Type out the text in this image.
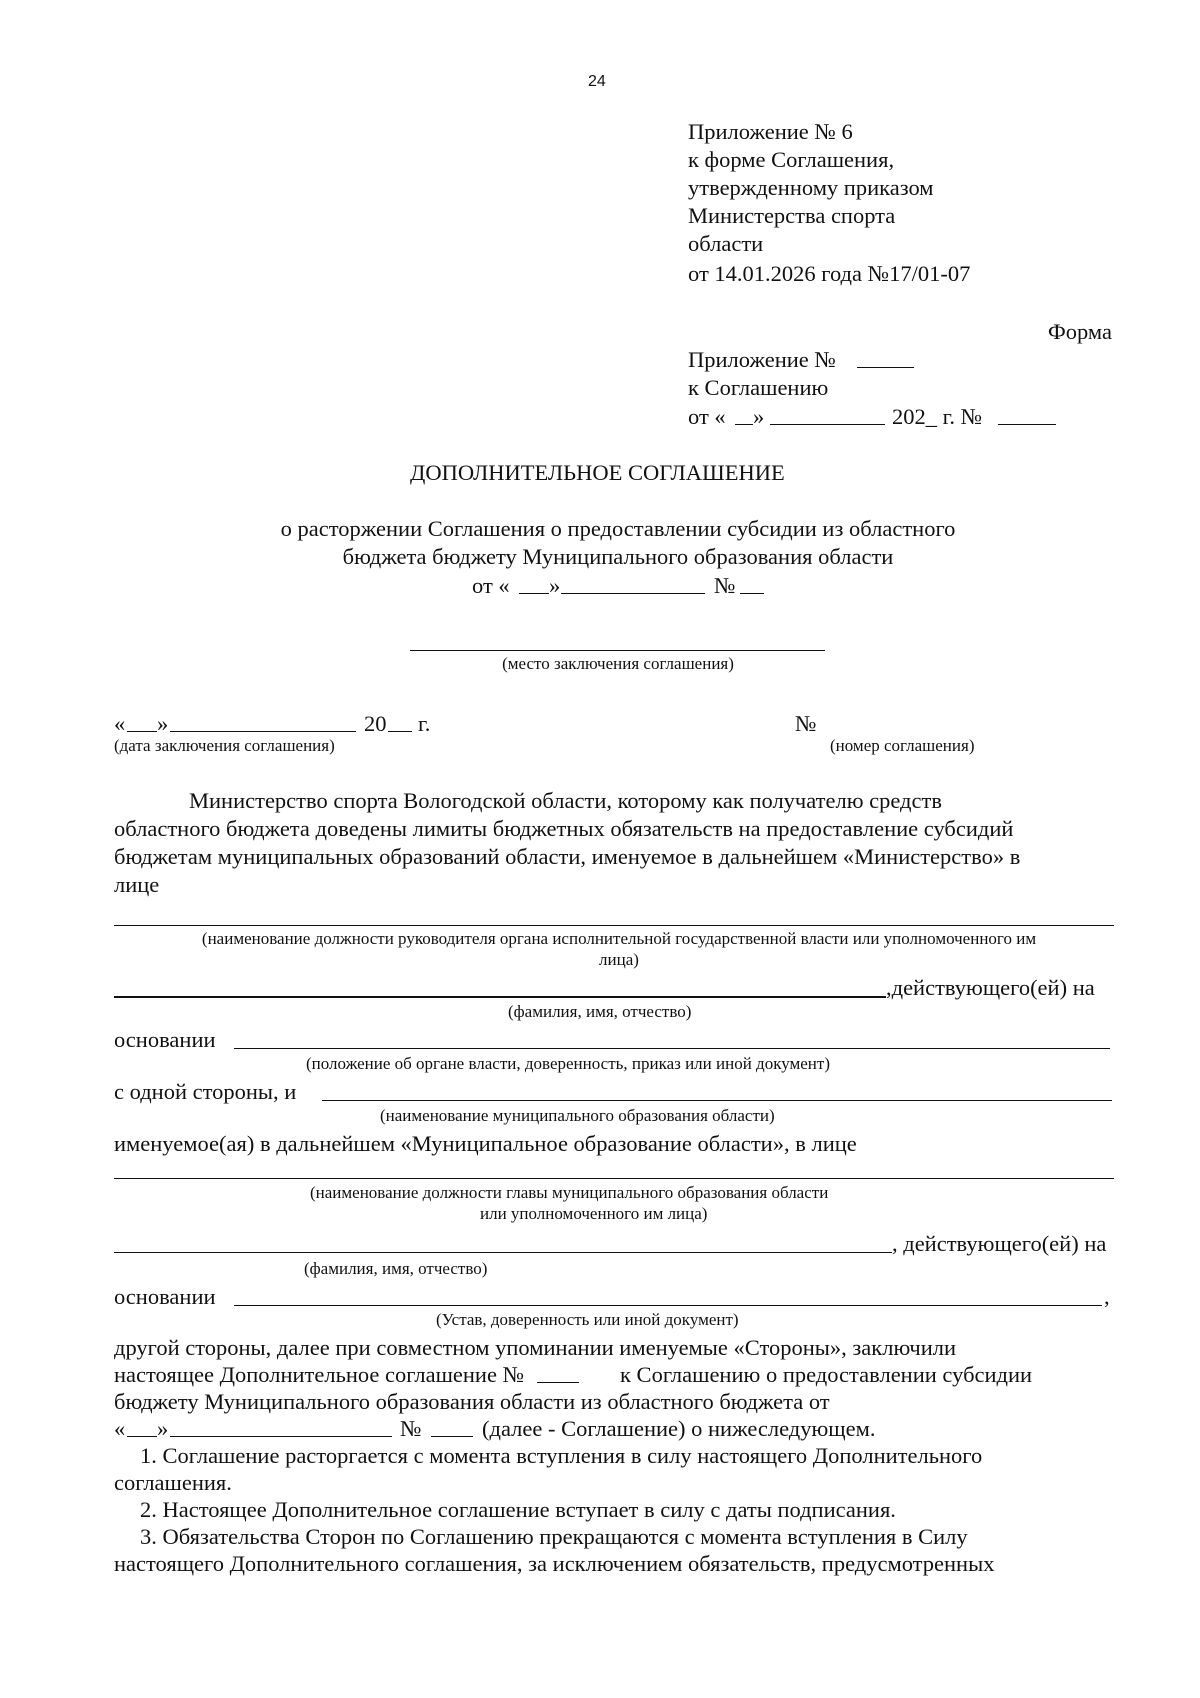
24
Приложение № 6
к форме Соглашения,
утвержденному приказом
Министерства спорта
области
от 14.01.2026 года №17/01-07
Форма
Приложение №
к Соглашению
от « »	202_ г. №
ДОПОЛНИТЕЛЬНОЕ СОГЛАШЕНИЕ
о расторжении Соглашения о предоставлении субсидии из областного
бюджета бюджету Муниципального образования области
от « »	№
(место заключения соглашения)
« »	20 г.	№
(дата заключения соглашения)	(номер соглашения)
Министерство спорта Вологодской области, которому как получателю средств
областного бюджета доведены лимиты бюджетных обязательств на предоставление субсидий
бюджетам муниципальных образований области, именуемое в дальнейшем «Министерство» в
лице
(наименование должности руководителя органа исполнительной государственной власти или уполномоченного им
лица)
,действующего(ей) на
(фамилия, имя, отчество)
основании
(положение об органе власти, доверенность, приказ или иной документ)
с одной стороны, и
(наименование муниципального образования области)
именуемое(ая) в дальнейшем «Муниципальное образование области», в лице
(наименование должности главы муниципального образования области
или уполномоченного им лица)
, действующего(ей) на
(фамилия, имя, отчество)
основании	,
(Устав, доверенность или иной документ)
другой стороны, далее при совместном упоминании именуемые «Стороны», заключили
настоящее Дополнительное соглашение №	к Соглашению о предоставлении субсидии
бюджету Муниципального образования области из областного бюджета от
« »	№	(далее - Соглашение) о нижеследующем.
1. Соглашение расторгается с момента вступления в силу настоящего Дополнительного
соглашения.
2. Настоящее Дополнительное соглашение вступает в силу с даты подписания.
3. Обязательства Сторон по Соглашению прекращаются с момента вступления в Силу
настоящего Дополнительного соглашения, за исключением обязательств, предусмотренных
